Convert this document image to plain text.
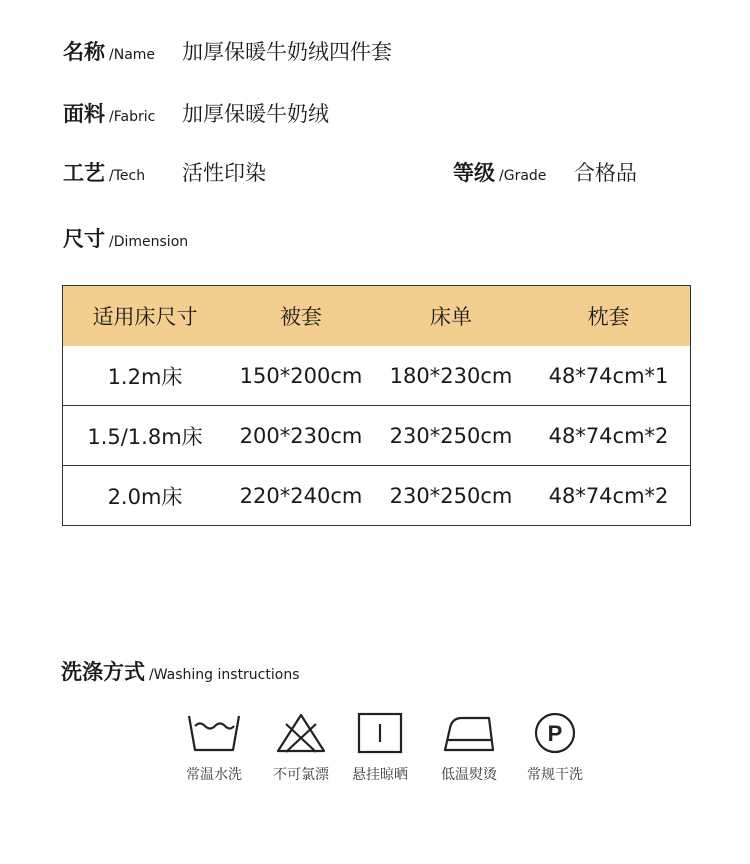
名称 /Name 加厚保暖牛奶绒四件套
面料 /Fabric 加厚保暖牛奶绒
工艺 /Tech 活性印染	等级 /Grade 合格品
尺寸 /Dimension
适用床尺寸	被套	床单	枕套
1.2m床	150*200cm	180*230cm	48*74cm*1
1.5/1.8m床	200*230cm	230*250cm	48*74cm*2
2.0m床	220*240cm	230*250cm	48*74cm*2
洗涤方式 /Washing instructions
常温水洗	不可氯漂	悬挂晾晒	低温熨烫
P
常规干洗
